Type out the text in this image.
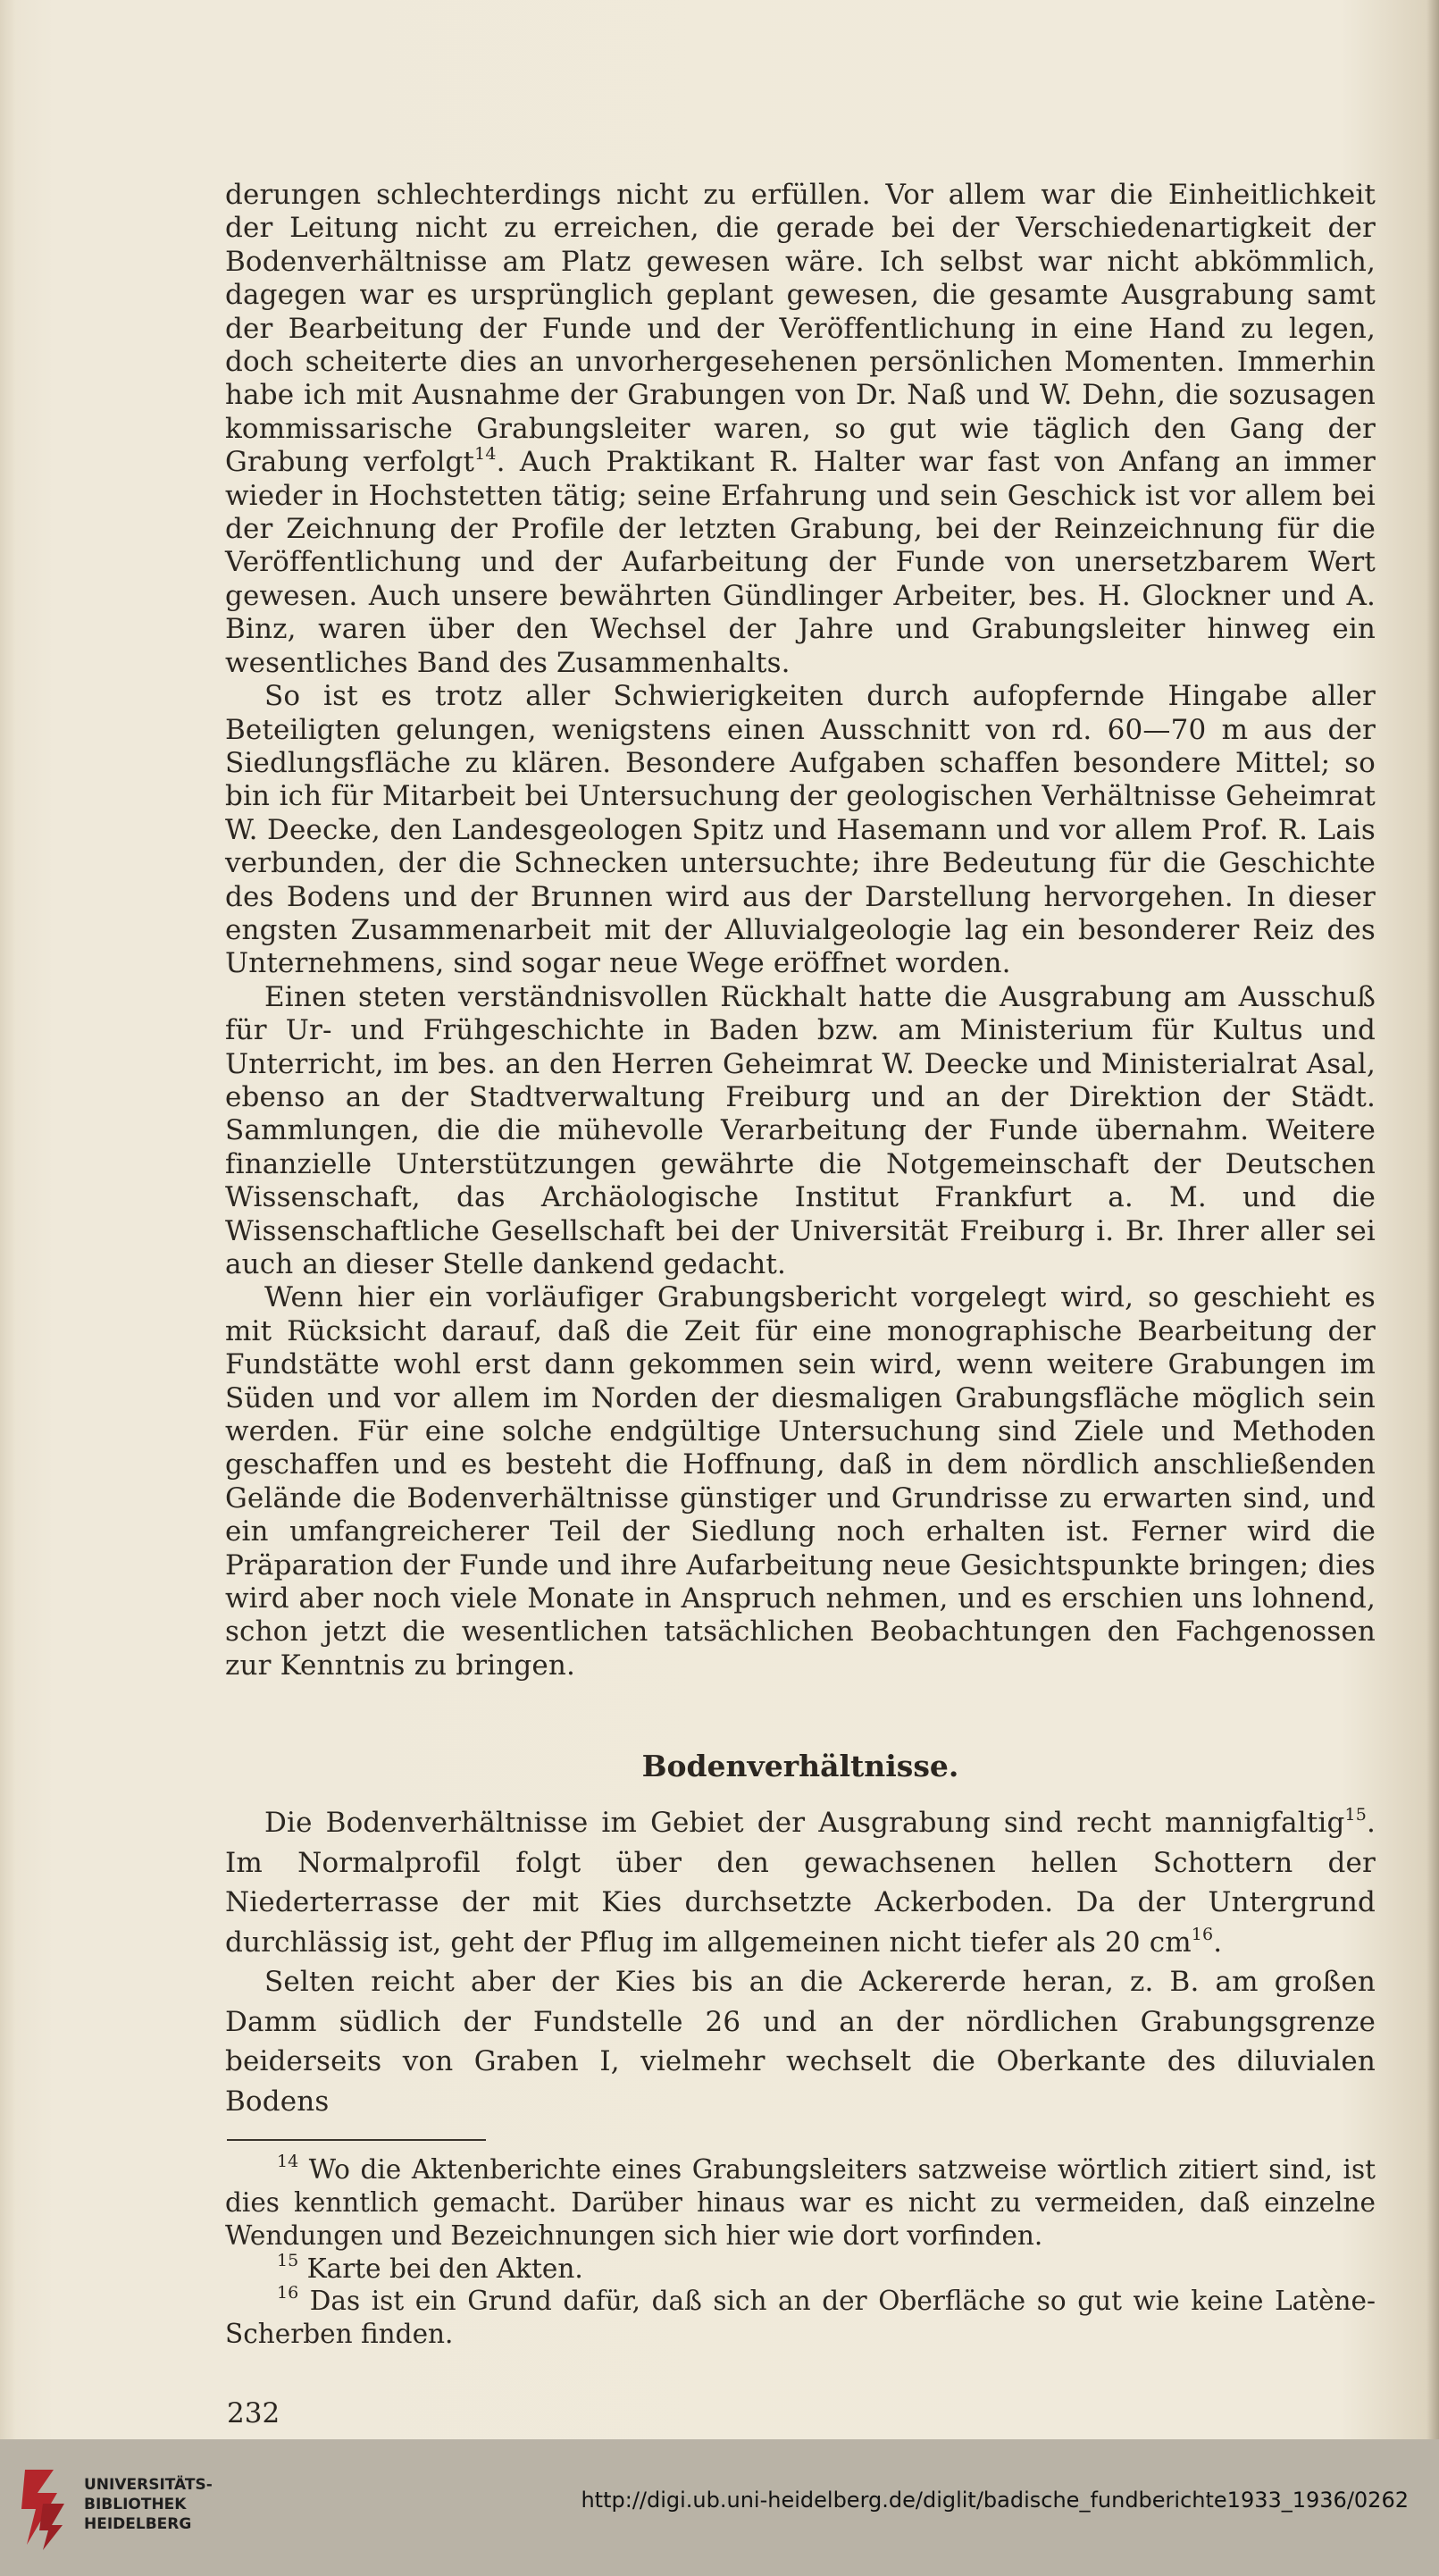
derungen schlechterdings nicht zu erfüllen. Vor allem war die Einheitlichkeit der Leitung nicht zu erreichen, die gerade bei der Verschiedenartigkeit der Bodenverhältnisse am Platz gewesen wäre. Ich selbst war nicht abkömmlich, dagegen war es ursprünglich geplant gewesen, die gesamte Ausgrabung samt der Bearbeitung der Funde und der Veröffentlichung in eine Hand zu legen, doch scheiterte dies an unvorhergesehenen persönlichen Momenten. Immerhin habe ich mit Ausnahme der Grabungen von Dr. Naß und W. Dehn, die sozusagen kommissarische Grabungsleiter waren, so gut wie täglich den Gang der Grabung verfolgt$^{14}$. Auch Praktikant R. Halter war fast von Anfang an immer wieder in Hochstetten tätig; seine Erfahrung und sein Geschick ist vor allem bei der Zeichnung der Profile der letzten Grabung, bei der Reinzeichnung für die Veröffentlichung und der Aufarbeitung der Funde von unersetzbarem Wert gewesen. Auch unsere bewährten Gündlinger Arbeiter, bes. H. Glockner und A. Binz, waren über den Wechsel der Jahre und Grabungsleiter hinweg ein wesentliches Band des Zusammenhalts.

So ist es trotz aller Schwierigkeiten durch aufopfernde Hingabe aller Beteiligten gelungen, wenigstens einen Ausschnitt von rd. 60—70 m aus der Siedlungsfläche zu klären. Besondere Aufgaben schaffen besondere Mittel; so bin ich für Mitarbeit bei Untersuchung der geologischen Verhältnisse Geheimrat W. Deecke, den Landesgeologen Spitz und Hasemann und vor allem Prof. R. Lais verbunden, der die Schnecken untersuchte; ihre Bedeutung für die Geschichte des Bodens und der Brunnen wird aus der Darstellung hervorgehen. In dieser engsten Zusammenarbeit mit der Alluvialgeologie lag ein besonderer Reiz des Unternehmens, sind sogar neue Wege eröffnet worden.

Einen steten verständnisvollen Rückhalt hatte die Ausgrabung am Ausschuß für Ur- und Frühgeschichte in Baden bzw. am Ministerium für Kultus und Unterricht, im bes. an den Herren Geheimrat W. Deecke und Ministerialrat Asal, ebenso an der Stadtverwaltung Freiburg und an der Direktion der Städt. Sammlungen, die die mühevolle Verarbeitung der Funde übernahm. Weitere finanzielle Unterstützungen gewährte die Notgemeinschaft der Deutschen Wissenschaft, das Archäologische Institut Frankfurt a. M. und die Wissenschaftliche Gesellschaft bei der Universität Freiburg i. Br. Ihrer aller sei auch an dieser Stelle dankend gedacht.

Wenn hier ein vorläufiger Grabungsbericht vorgelegt wird, so geschieht es mit Rücksicht darauf, daß die Zeit für eine monographische Bearbeitung der Fundstätte wohl erst dann gekommen sein wird, wenn weitere Grabungen im Süden und vor allem im Norden der diesmaligen Grabungsfläche möglich sein werden. Für eine solche endgültige Untersuchung sind Ziele und Methoden geschaffen und es besteht die Hoffnung, daß in dem nördlich anschließenden Gelände die Bodenverhältnisse günstiger und Grundrisse zu erwarten sind, und ein umfangreicherer Teil der Siedlung noch erhalten ist. Ferner wird die Präparation der Funde und ihre Aufarbeitung neue Gesichtspunkte bringen; dies wird aber noch viele Monate in Anspruch nehmen, und es erschien uns lohnend, schon jetzt die wesentlichen tatsächlichen Beobachtungen den Fachgenossen zur Kenntnis zu bringen.

Bodenverhältnisse.

Die Bodenverhältnisse im Gebiet der Ausgrabung sind recht mannigfaltig$^{15}$. Im Normalprofil folgt über den gewachsenen hellen Schottern der Niederterrasse der mit Kies durchsetzte Ackerboden. Da der Untergrund durchlässig ist, geht der Pflug im allgemeinen nicht tiefer als 20 $cm^{16}$.

Selten reicht aber der Kies bis an die Ackererde heran, z. B. am großen Damm südlich der Fundstelle 26 und an der nördlichen Grabungsgrenze beiderseits von Graben I, vielmehr wechselt die Oberkante des diluvialen Bodens

$^{14}$ Wo die Aktenberichte eines Grabungsleiters satzweise wörtlich zitiert sind, ist dies kenntlich gemacht. Darüber hinaus war es nicht zu vermeiden, daß einzelne Wendungen und Bezeichnungen sich hier wie dort vorfinden.

$^{15}$ Karte bei den Akten.

$^{16}$ Das ist ein Grund dafür, daß sich an der Oberfläche so gut wie keine Latène-Scherben finden.

232
UNIVERSITÄTS-
BIBLIOTHEK
HEIDELBERG
http://digi.ub.uni-heidelberg.de/diglit/badische_fundberichte1933_1936/0262
